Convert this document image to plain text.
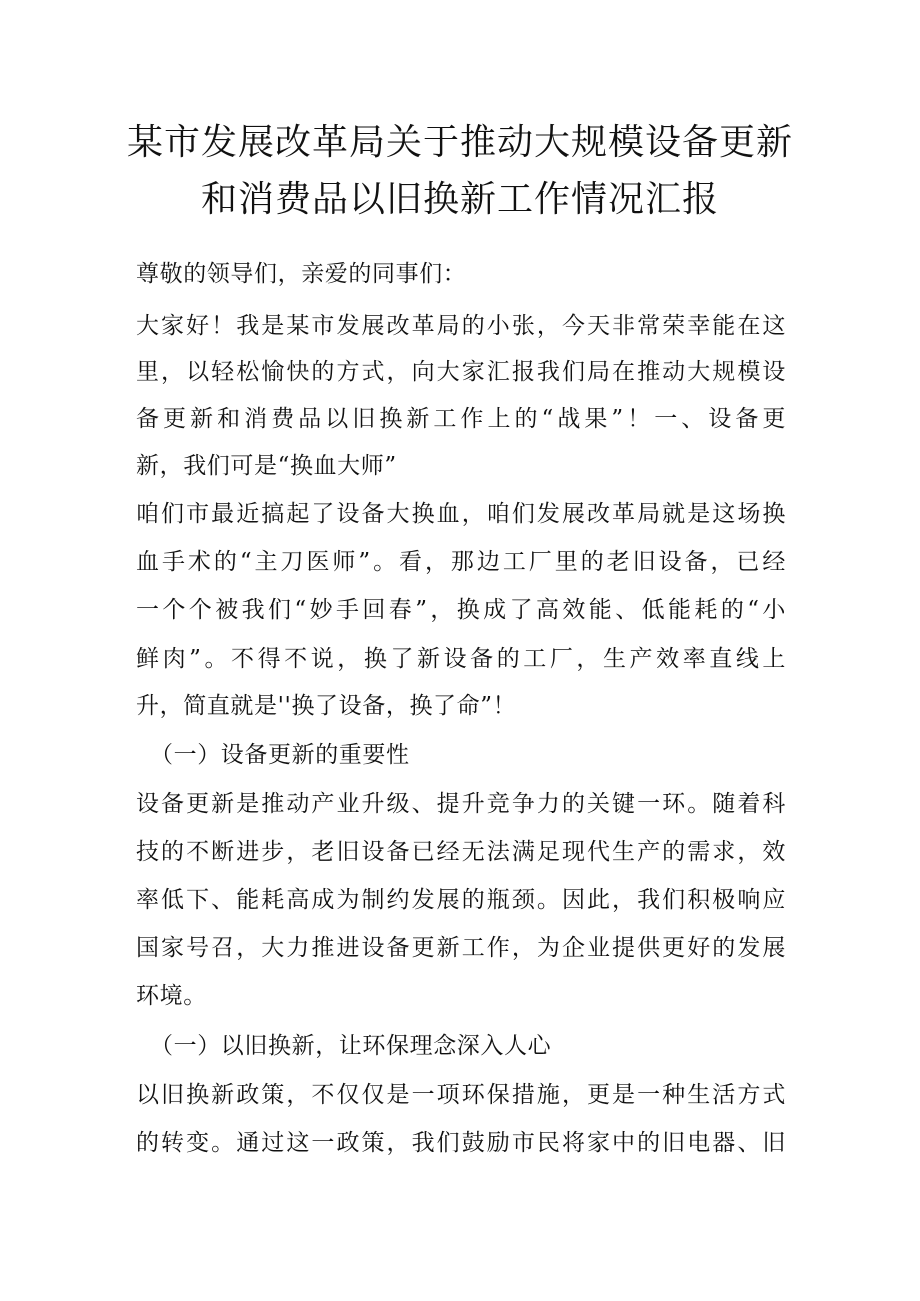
某市发展改革局关于推动大规模设备更新
和消费品以旧换新工作情况汇报
尊敬的领导们，亲爱的同事们：
大家好！我是某市发展改革局的小张，今天非常荣幸能在这
里，以轻松愉快的方式，向大家汇报我们局在推动大规模设
备更新和消费品以旧换新工作上的“战果”！一、设备更
新，我们可是“换血大师”
咱们市最近搞起了设备大换血，咱们发展改革局就是这场换
血手术的“主刀医师”。看，那边工厂里的老旧设备，已经
一个个被我们“妙手回春”，换成了高效能、低能耗的“小
鲜肉”。不得不说，换了新设备的工厂，生产效率直线上
升，简直就是''换了设备，换了命”！
（一）设备更新的重要性
设备更新是推动产业升级、提升竞争力的关键一环。随着科
技的不断进步，老旧设备已经无法满足现代生产的需求，效
率低下、能耗高成为制约发展的瓶颈。因此，我们积极响应
国家号召，大力推进设备更新工作，为企业提供更好的发展
环境。
（一）以旧换新，让环保理念深入人心
以旧换新政策，不仅仅是一项环保措施，更是一种生活方式
的转变。通过这一政策，我们鼓励市民将家中的旧电器、旧
